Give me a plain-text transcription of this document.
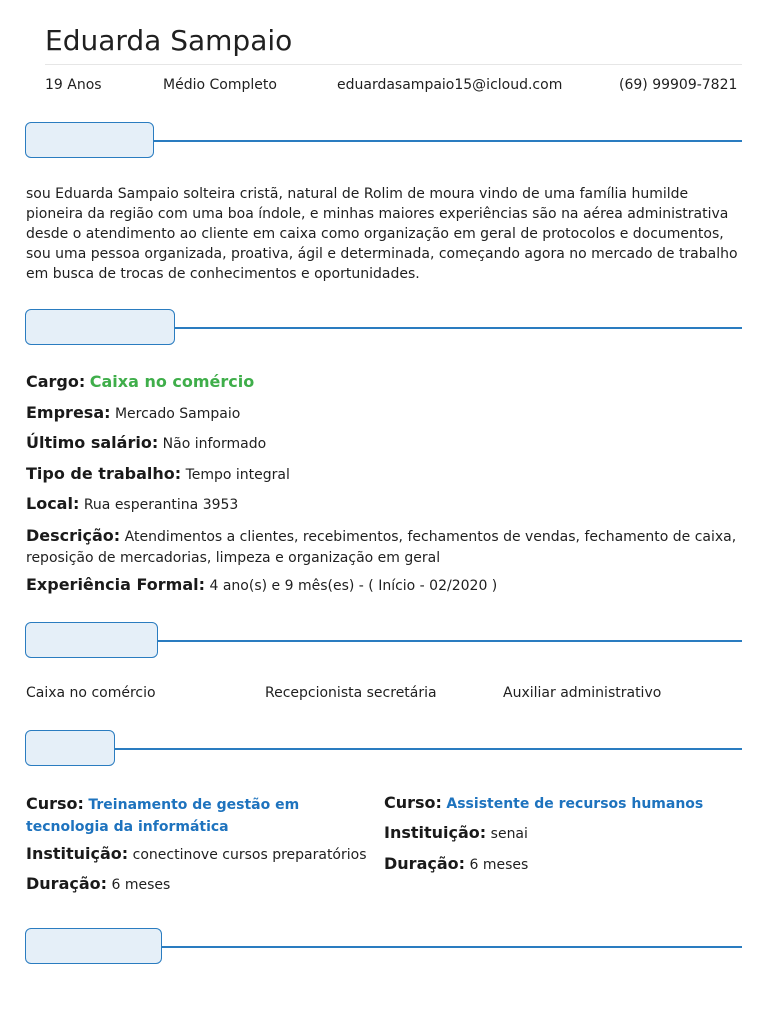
Eduarda Sampaio
19 Anos	Médio Completo	eduardasampaio15@icloud.com	(69) 99909-7821

sou Eduarda Sampaio solteira cristã, natural de Rolim de moura vindo de uma família humilde pioneira da região com uma boa índole, e minhas maiores experiências são na aérea administrativa desde o atendimento ao cliente em caixa como organização em geral de protocolos e documentos, sou uma pessoa organizada, proativa, ágil e determinada, começando agora no mercado de trabalho em busca de trocas de conhecimentos e oportunidades.

Cargo: Caixa no comércio
Empresa: Mercado Sampaio
Último salário: Não informado
Tipo de trabalho: Tempo integral
Local: Rua esperantina 3953
Descrição: Atendimentos a clientes, recebimentos, fechamentos de vendas, fechamento de caixa, reposição de mercadorias, limpeza e organização em geral
Experiência Formal: 4 ano(s) e 9 mês(es) - ( Início - 02/2020 )
Caixa no comércio	Recepcionista secretária	Auxiliar administrativo
Curso: Treinamento de gestão em tecnologia da informática
Instituição: conectinove cursos preparatórios
Duração: 6 meses
Curso: Assistente de recursos humanos
Instituição: senai
Duração: 6 meses
